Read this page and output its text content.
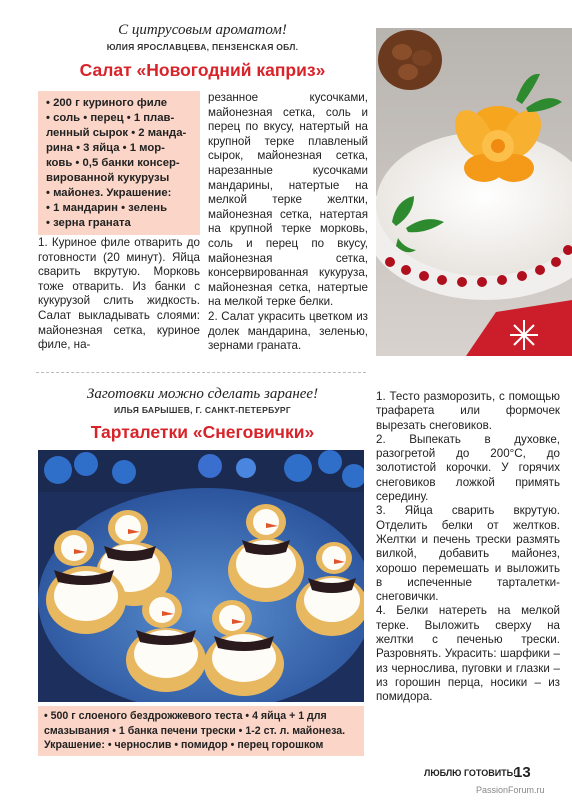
С цитрусовым ароматом!
ЮЛИЯ ЯРОСЛАВЦЕВА, ПЕНЗЕНСКАЯ ОБЛ.
Салат «Новогодний каприз»
• 200 г куриного филе
• соль • перец • 1 плав-
ленный сырок • 2 манда-
рина • 3 яйца • 1 мор-
ковь • 0,5 банки консер-
вированной кукурузы
• майонез. Украшение:
• 1 мандарин • зелень
• зерна граната

1. Куриное филе отварить до готовности (20 минут). Яйца сварить вкрутую. Морковь тоже отварить. Из банки с кукурузой слить жидкость. Салат выкладывать слоями: майонезная сетка, куриное филе, на-

резанное кусочками, майонезная сетка, соль и перец по вкусу, натертый на крупной терке плавленый сырок, майонезная сетка, нарезанные кусочками мандарины, натертые на мелкой терке желтки, майонезная сетка, натертая на крупной терке морковь, соль и перец по вкусу, майонезная сетка, консервированная кукуруза, майонезная сетка, натертые на мелкой терке белки.

2. Салат украсить цветком из долек мандарина, зеленью, зернами граната.

Заготовки можно сделать заранее!
ИЛЬЯ БАРЫШЕВ, Г. САНКТ-ПЕТЕРБУРГ
Тарталетки «Снеговички»
• 500 г слоеного бездрожжевого теста • 4 яйца + 1 для
смазывания • 1 банка печени трески • 1-2 ст. л. майонеза.
Украшение: • чернослив • помидор • перец горошком

1. Тесто разморозить, с помощью трафарета или формочек вырезать снеговиков.

2. Выпекать в духовке, разогретой до 200°С, до золотистой корочки. У горячих снеговиков ложкой примять середину.

3. Яйца сварить вкрутую. Отделить белки от желтков. Желтки и печень трески размять вилкой, добавить майонез, хорошо перемешать и выложить в испеченные тарталетки-снеговички.

4. Белки натереть на мелкой терке. Выложить сверху на желтки с печенью трески. Разровнять. Украсить: шарфики – из чернослива, пуговки и глазки – из горошин перца, носики – из помидора.

ЛЮБЛЮ ГОТОВИТЬ!
13
PassionForum.ru
